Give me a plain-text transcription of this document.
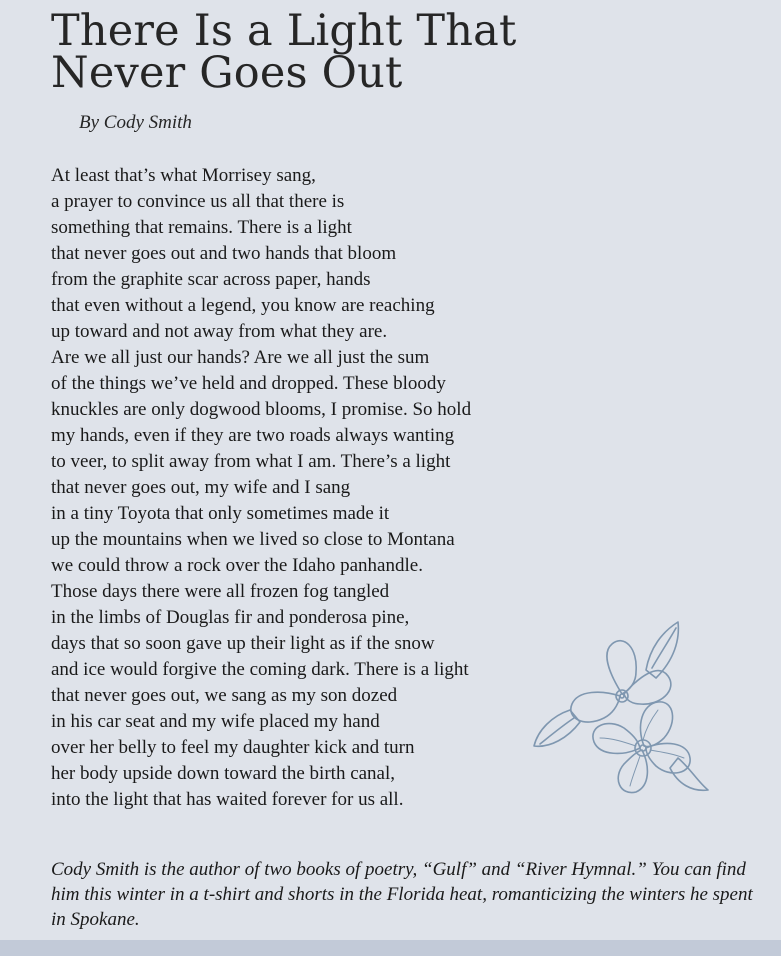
There Is a Light That
Never Goes Out
By Cody Smith
At least that’s what Morrisey sang,
a prayer to convince us all that there is
something that remains. There is a light
that never goes out and two hands that bloom
from the graphite scar across paper, hands
that even without a legend, you know are reaching
up toward and not away from what they are.
Are we all just our hands? Are we all just the sum
of the things we’ve held and dropped. These bloody
knuckles are only dogwood blooms, I promise. So hold
my hands, even if they are two roads always wanting
to veer, to split away from what I am. There’s a light
that never goes out, my wife and I sang
in a tiny Toyota that only sometimes made it
up the mountains when we lived so close to Montana
we could throw a rock over the Idaho panhandle.
Those days there were all frozen fog tangled
in the limbs of Douglas fir and ponderosa pine,
days that so soon gave up their light as if the snow
and ice would forgive the coming dark. There is a light
that never goes out, we sang as my son dozed
in his car seat and my wife placed my hand
over her belly to feel my daughter kick and turn
her body upside down toward the birth canal,
into the light that has waited forever for us all.

Cody Smith is the author of two books of poetry, “Gulf” and “River Hymnal.” You can find him this winter in a t-shirt and shorts in the Florida heat, romanticizing the winters he spent in Spokane.
